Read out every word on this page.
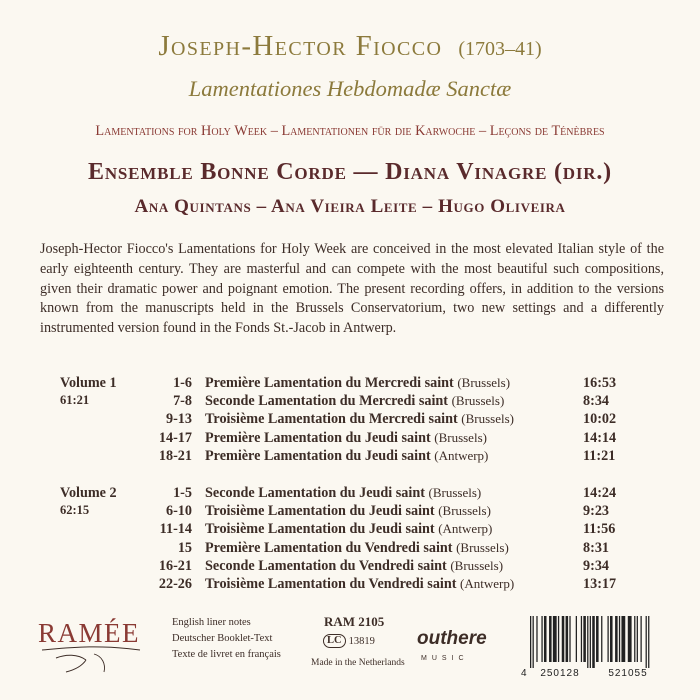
Joseph-Hector Fiocco (1703–41)
Lamentationes Hebdomadæ Sanctæ
Lamentations for Holy Week – Lamentationen für die Karwoche – Leçons de Ténèbres
Ensemble Bonne Corde — Diana Vinagre (dir.)
Ana Quintans – Ana Vieira Leite – Hugo Oliveira
Joseph-Hector Fiocco's Lamentations for Holy Week are conceived in the most elevated Italian style of the early eighteenth century. They are masterful and can compete with the most beautiful such compositions, given their dramatic power and poignant emotion. The present recording offers, in addition to the versions known from the manuscripts held in the Brussels Conservatorium, two new settings and a differently instrumented version found in the Fonds St.-Jacob in Antwerp.
Volume 1	1-6 Première Lamentation du Mercredi saint (Brussels)	16:53
61:21	7-8 Seconde Lamentation du Mercredi saint (Brussels)	8:34
9-13 Troisième Lamentation du Mercredi saint (Brussels)	10:02
14-17 Première Lamentation du Jeudi saint (Brussels)	14:14
18-21 Première Lamentation du Jeudi saint (Antwerp)	11:21
Volume 2	1-5 Seconde Lamentation du Jeudi saint (Brussels)	14:24
62:15	6-10 Troisième Lamentation du Jeudi saint (Brussels)	9:23
11-14 Troisième Lamentation du Jeudi saint (Antwerp)	11:56
15 Première Lamentation du Vendredi saint (Brussels)	8:31
16-21 Seconde Lamentation du Vendredi saint (Brussels)	9:34
22-26 Troisième Lamentation du Vendredi saint (Antwerp)	13:17
RAMÉE	English liner notes
Deutscher Booklet-Text
Texte de livret en français
RAM 2105
LC 13819
Made in the Netherlands
outhere
MUSIC
4 250128	521055
